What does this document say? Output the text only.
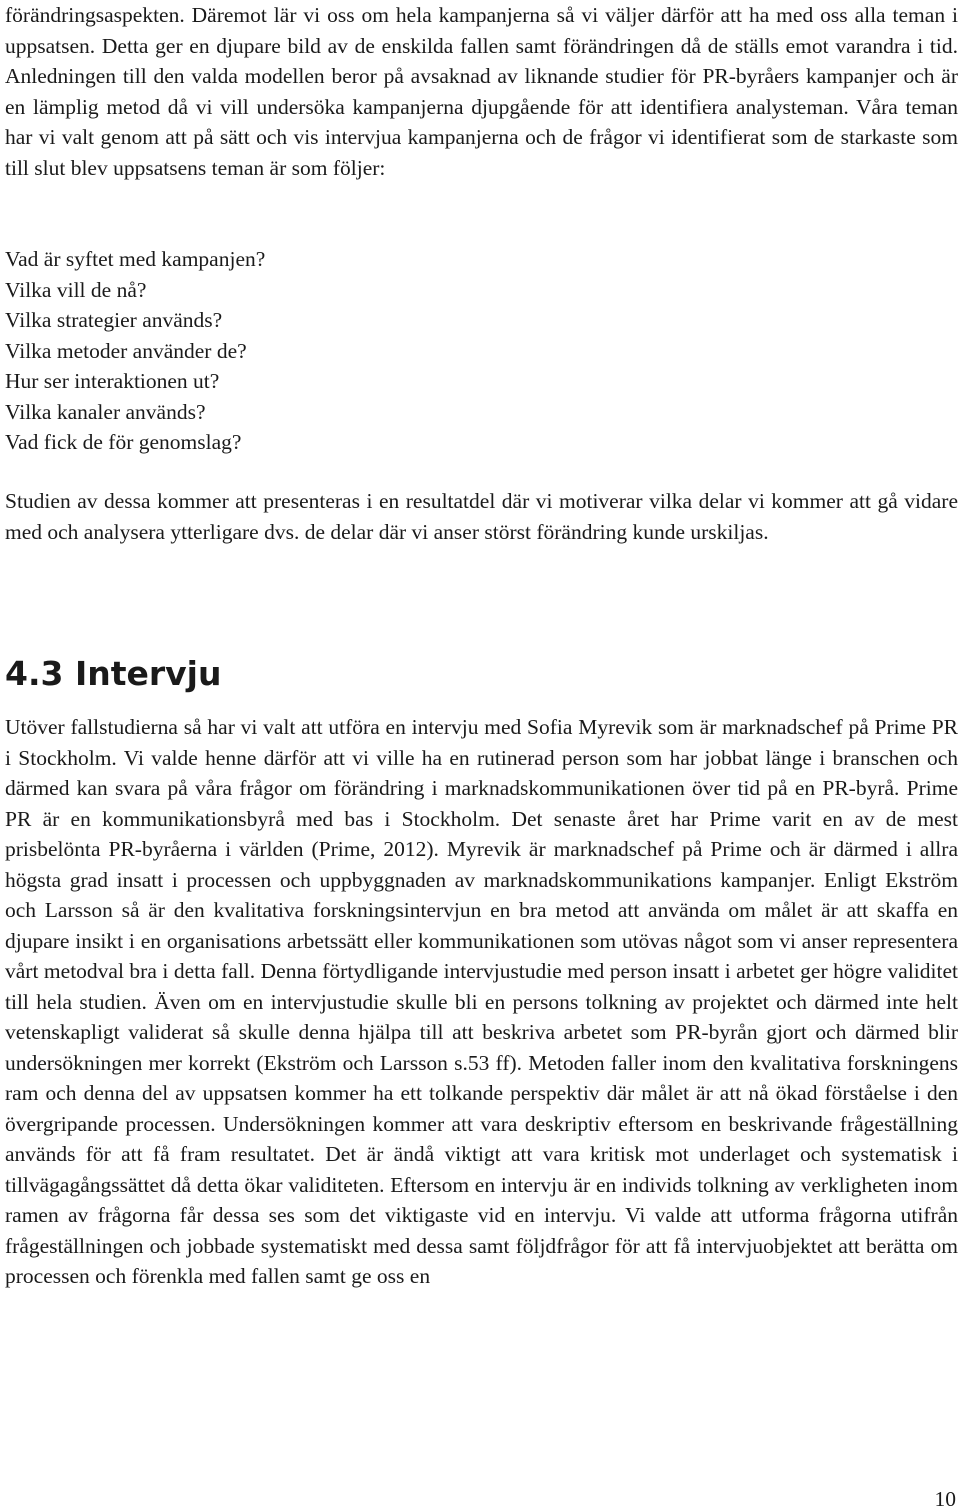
förändringsaspekten. Däremot lär vi oss om hela kampanjerna så vi väljer därför att ha med oss alla teman i uppsatsen. Detta ger en djupare bild av de enskilda fallen samt förändringen då de ställs emot varandra i tid. Anledningen till den valda modellen beror på avsaknad av liknande studier för PR-byråers kampanjer och är en lämplig metod då vi vill undersöka kampanjerna djupgående för att identifiera analysteman. Våra teman har vi valt genom att på sätt och vis intervjua kampanjerna och de frågor vi identifierat som de starkaste som till slut blev uppsatsens teman är som följer:

Vad är syftet med kampanjen?
Vilka vill de nå?
Vilka strategier används?
Vilka metoder använder de?
Hur ser interaktionen ut?
Vilka kanaler används?
Vad fick de för genomslag?

Studien av dessa kommer att presenteras i en resultatdel där vi motiverar vilka delar vi kommer att gå vidare med och analysera ytterligare dvs. de delar där vi anser störst förändring kunde urskiljas.

4.3 Intervju

Utöver fallstudierna så har vi valt att utföra en intervju med Sofia Myrevik som är marknadschef på Prime PR i Stockholm. Vi valde henne därför att vi ville ha en rutinerad person som har jobbat länge i branschen och därmed kan svara på våra frågor om förändring i marknadskommunikationen över tid på en PR-byrå. Prime PR är en kommunikationsbyrå med bas i Stockholm. Det senaste året har Prime varit en av de mest prisbelönta PR-byråerna i världen (Prime, 2012). Myrevik är marknadschef på Prime och är därmed i allra högsta grad insatt i processen och uppbyggnaden av marknadskommunikations kampanjer. Enligt Ekström och Larsson så är den kvalitativa forskningsintervjun en bra metod att använda om målet är att skaffa en djupare insikt i en organisations arbetssätt eller kommunikationen som utövas något som vi anser representera vårt metodval bra i detta fall. Denna förtydligande intervjustudie med person insatt i arbetet ger högre validitet till hela studien. Även om en intervjustudie skulle bli en persons tolkning av projektet och därmed inte helt vetenskapligt validerat så skulle denna hjälpa till att beskriva arbetet som PR-byrån gjort och därmed blir undersökningen mer korrekt (Ekström och Larsson s.53 ff). Metoden faller inom den kvalitativa forskningens ram och denna del av uppsatsen kommer ha ett tolkande perspektiv där målet är att nå ökad förståelse i den övergripande processen. Undersökningen kommer att vara deskriptiv eftersom en beskrivande frågeställning används för att få fram resultatet. Det är ändå viktigt att vara kritisk mot underlaget och systematisk i tillvägagångssättet då detta ökar validiteten. Eftersom en intervju är en individs tolkning av verkligheten inom ramen av frågorna får dessa ses som det viktigaste vid en intervju. Vi valde att utforma frågorna utifrån frågeställningen och jobbade systematiskt med dessa samt följdfrågor för att få intervjuobjektet att berätta om processen och förenkla med fallen samt ge oss en

10
